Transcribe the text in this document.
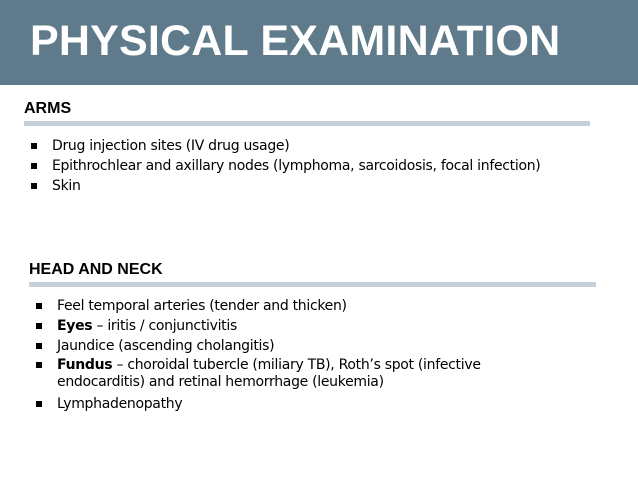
PHYSICAL EXAMINATION
ARMS
Drug injection sites (IV drug usage)
Epithrochlear and axillary nodes (lymphoma, sarcoidosis, focal infection)
Skin
HEAD AND NECK
Feel temporal arteries (tender and thicken)
Eyes – iritis / conjunctivitis
Jaundice (ascending cholangitis)
Fundus – choroidal tubercle (miliary TB), Roth’s spot (infective
endocarditis) and retinal hemorrhage (leukemia)
Lymphadenopathy
